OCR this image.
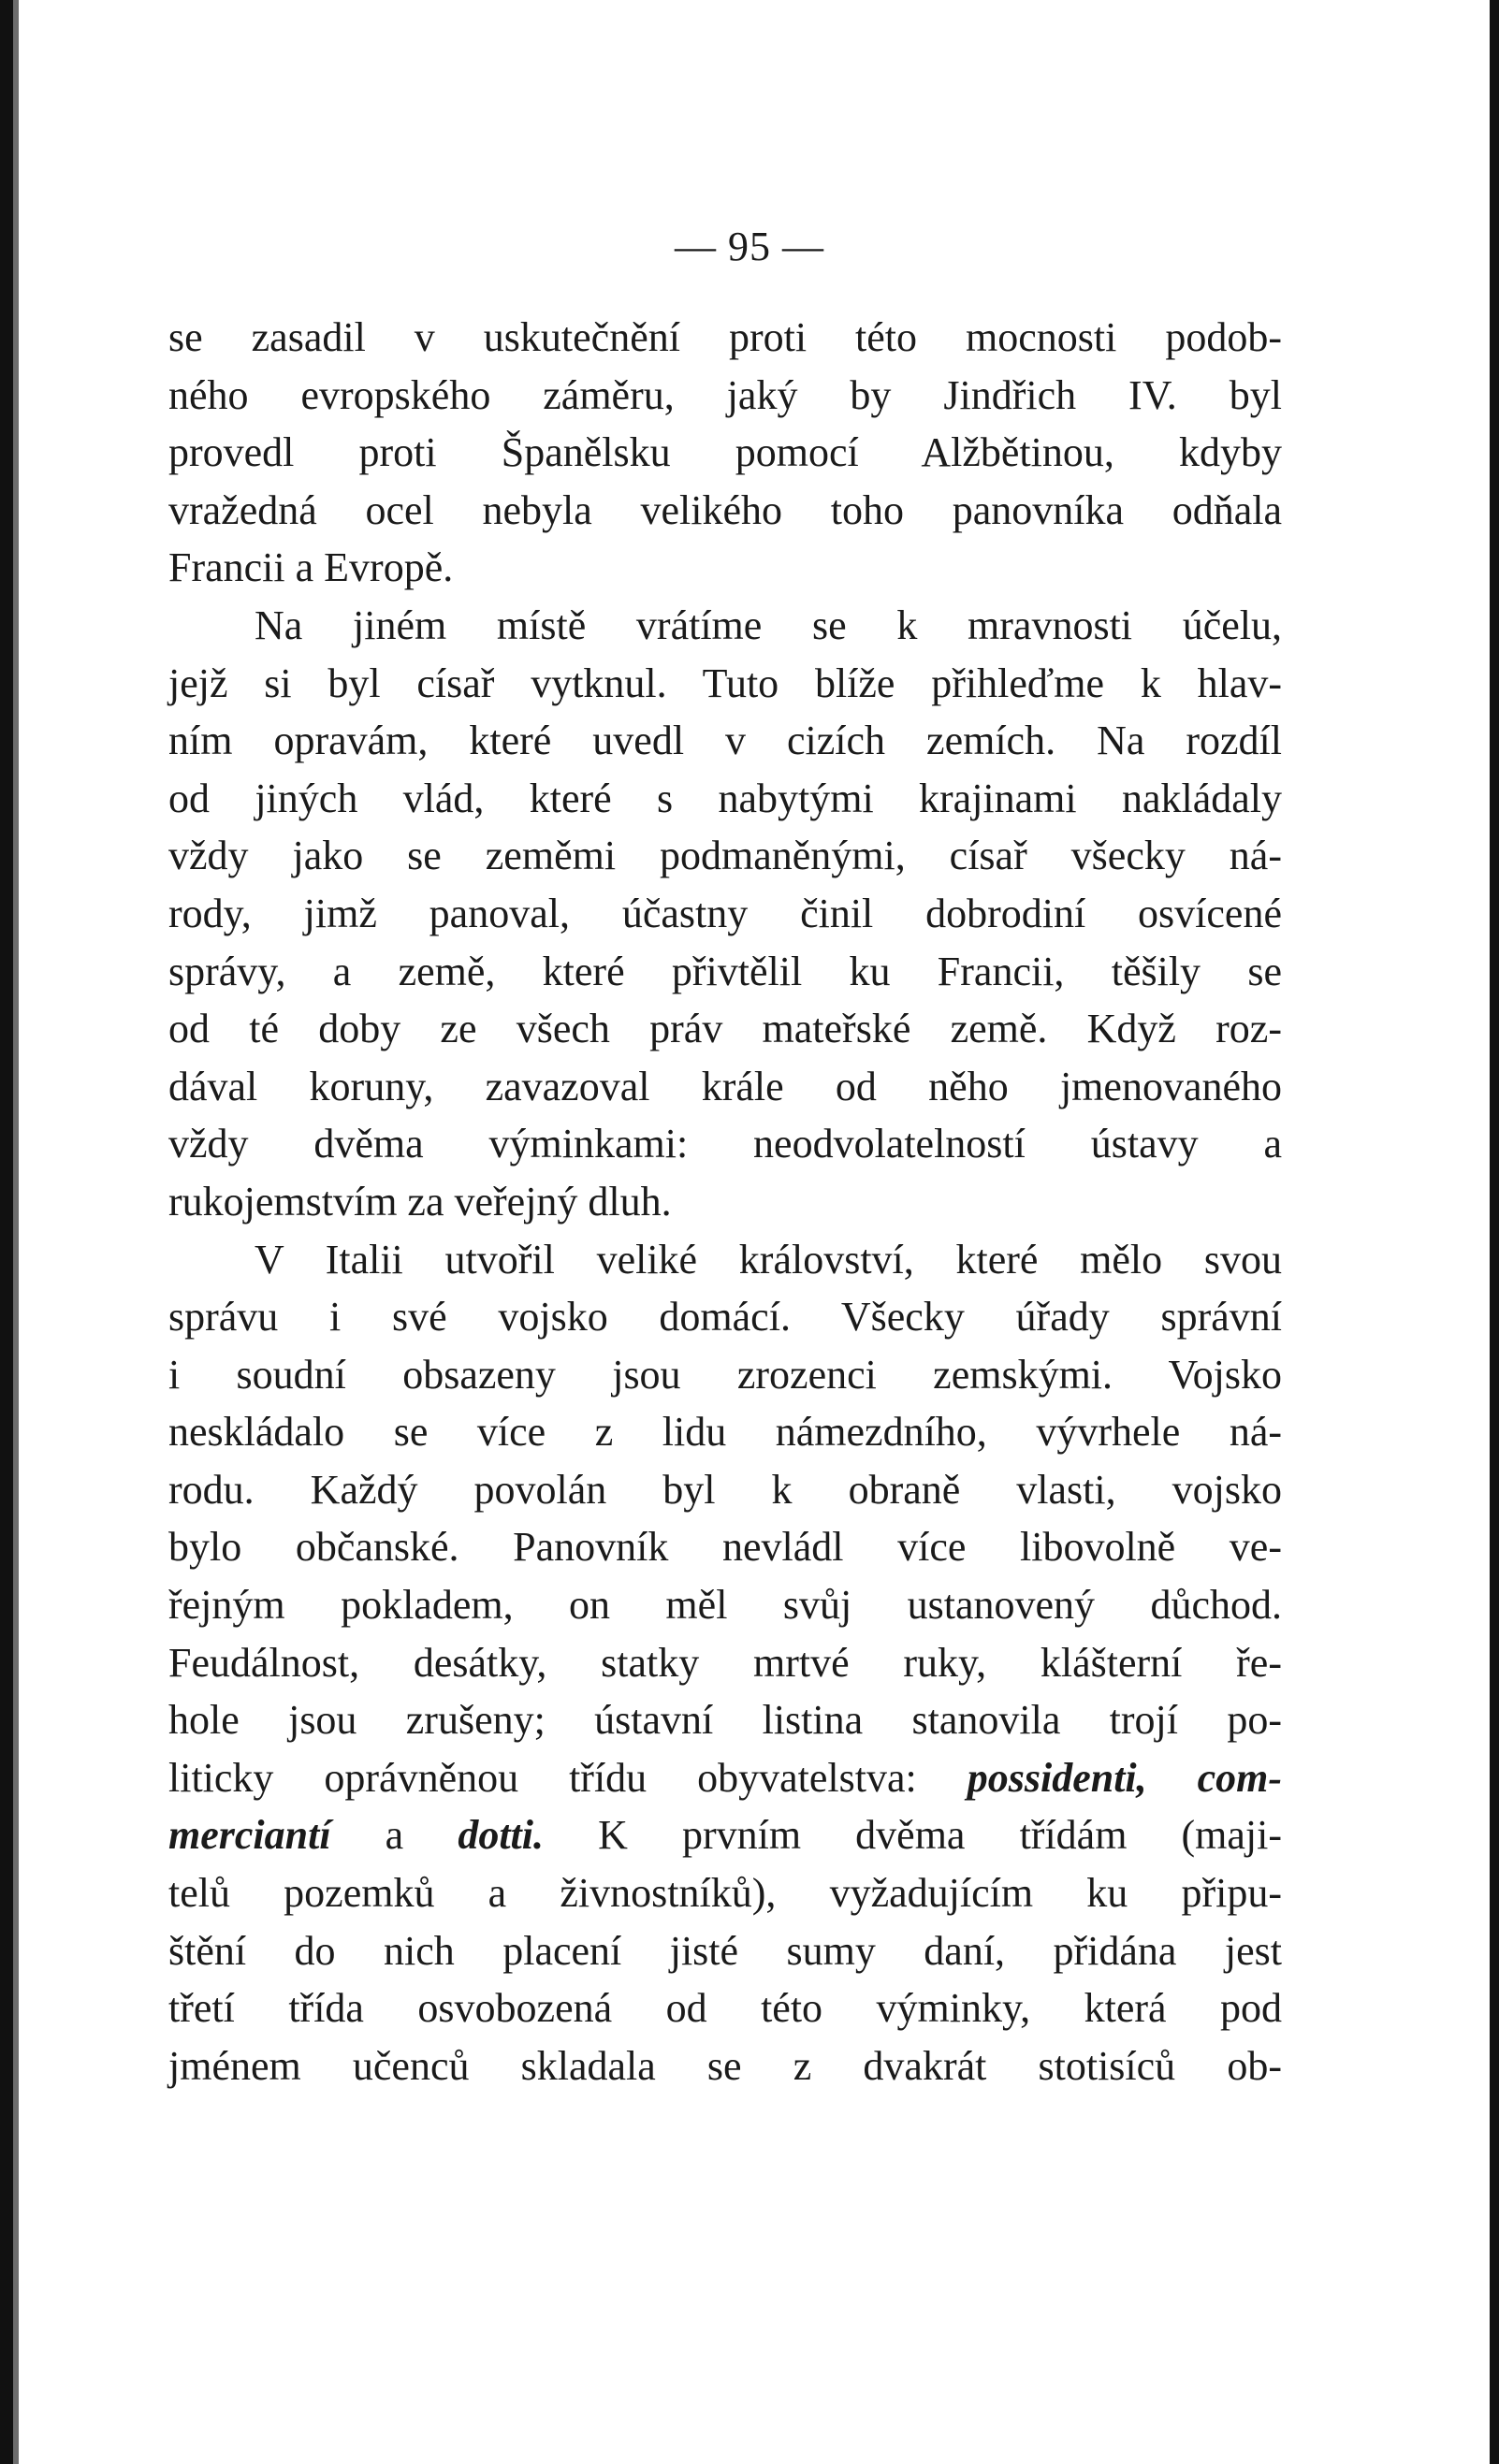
— 95 —
se zasadil v uskutečnění proti této mocnosti podob-
ného evropského záměru, jaký by Jindřich IV. byl
provedl proti Španělsku pomocí Alžbětinou, kdyby
vražedná ocel nebyla velikého toho panovníka odňala
Francii a Evropě.
Na jiném místě vrátíme se k mravnosti účelu,
jejž si byl císař vytknul. Tuto blíže přihleďme k hlav-
ním opravám, které uvedl v cizích zemích. Na rozdíl
od jiných vlád, které s nabytými krajinami nakládaly
vždy jako se zeměmi podmaněnými, císař všecky ná-
rody, jimž panoval, účastny činil dobrodiní osvícené
správy, a země, které přivtělil ku Francii, těšily se
od té doby ze všech práv mateřské země. Když roz-
dával koruny, zavazoval krále od něho jmenovaného
vždy dvěma výminkami: neodvolatelností ústavy a
rukojemstvím za veřejný dluh.
V Italii utvořil veliké království, které mělo svou
správu i své vojsko domácí. Všecky úřady správní
i soudní obsazeny jsou zrozenci zemskými. Vojsko
neskládalo se více z lidu námezdního, vývrhele ná-
rodu. Každý povolán byl k obraně vlasti, vojsko
bylo občanské. Panovník nevládl více libovolně ve-
řejným pokladem, on měl svůj ustanovený důchod.
Feudálnost, desátky, statky mrtvé ruky, klášterní ře-
hole jsou zrušeny; ústavní listina stanovila trojí po-
liticky oprávněnou třídu obyvatelstva: possidenti, com-
merciantí a dotti. K prvním dvěma třídám (maji-
telů pozemků a živnostníků), vyžadujícím ku připu-
štění do nich placení jisté sumy daní, přidána jest
třetí třída osvobozená od této výminky, která pod
jménem učenců skladala se z dvakrát stotisíců ob-
